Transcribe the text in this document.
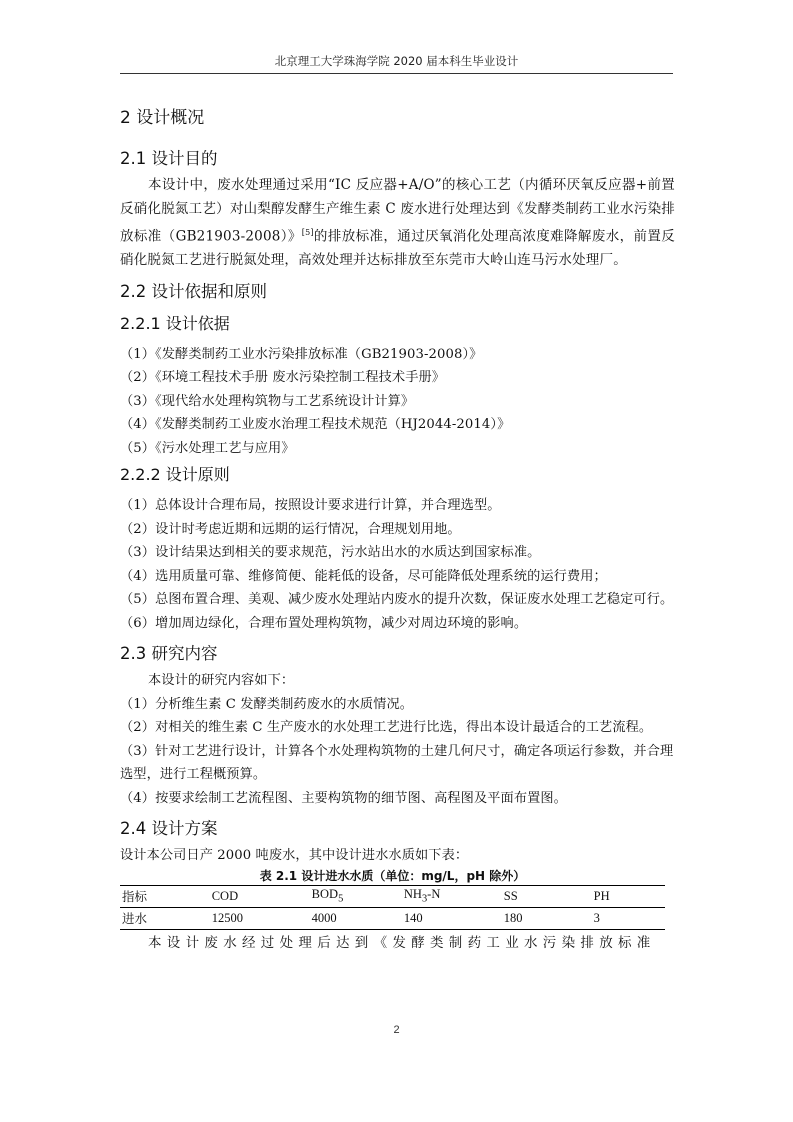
北京理工大学珠海学院 2020 届本科生毕业设计
2 设计概况
2.1 设计目的

本设计中，废水处理通过采用“IC 反应器+A/O”的核心工艺（内循环厌氧反应器+前置反硝化脱氮工艺）对山梨醇发酵生产维生素 C 废水进行处理达到《发酵类制药工业水污染排放标准（GB21903-2008）》[5]的排放标准，通过厌氧消化处理高浓度难降解废水，前置反硝化脱氮工艺进行脱氮处理，高效处理并达标排放至东莞市大岭山连马污水处理厂。

2.2 设计依据和原则
2.2.1 设计依据

（1）《发酵类制药工业水污染排放标准（GB21903-2008）》

（2）《环境工程技术手册 废水污染控制工程技术手册》

（3）《现代给水处理构筑物与工艺系统设计计算》

（4）《发酵类制药工业废水治理工程技术规范（HJ2044-2014）》

（5）《污水处理工艺与应用》

2.2.2 设计原则

（1）总体设计合理布局，按照设计要求进行计算，并合理选型。

（2）设计时考虑近期和远期的运行情况，合理规划用地。

（3）设计结果达到相关的要求规范，污水站出水的水质达到国家标准。

（4）选用质量可靠、维修简便、能耗低的设备，尽可能降低处理系统的运行费用；

（5）总图布置合理、美观、减少废水处理站内废水的提升次数，保证废水处理工艺稳定可行。

（6）增加周边绿化，合理布置处理构筑物，减少对周边环境的影响。

2.3 研究内容

本设计的研究内容如下：

（1）分析维生素 C 发酵类制药废水的水质情况。

（2）对相关的维生素 C 生产废水的水处理工艺进行比选，得出本设计最适合的工艺流程。

（3）针对工艺进行设计，计算各个水处理构筑物的土建几何尺寸，确定各项运行参数，并合理选型，进行工程概预算。

（4）按要求绘制工艺流程图、主要构筑物的细节图、高程图及平面布置图。

2.4 设计方案

设计本公司日产 2000 吨废水，其中设计进水水质如下表：

表 2.1 设计进水水质（单位：mg/L，pH 除外）
指标	COD	$BOD_5$	$NH_3-N$	SS	PH
进水	12500	4000	140	180	3

本设计废水经过处理后达到《发酵类制药工业水污染排放标准

2
